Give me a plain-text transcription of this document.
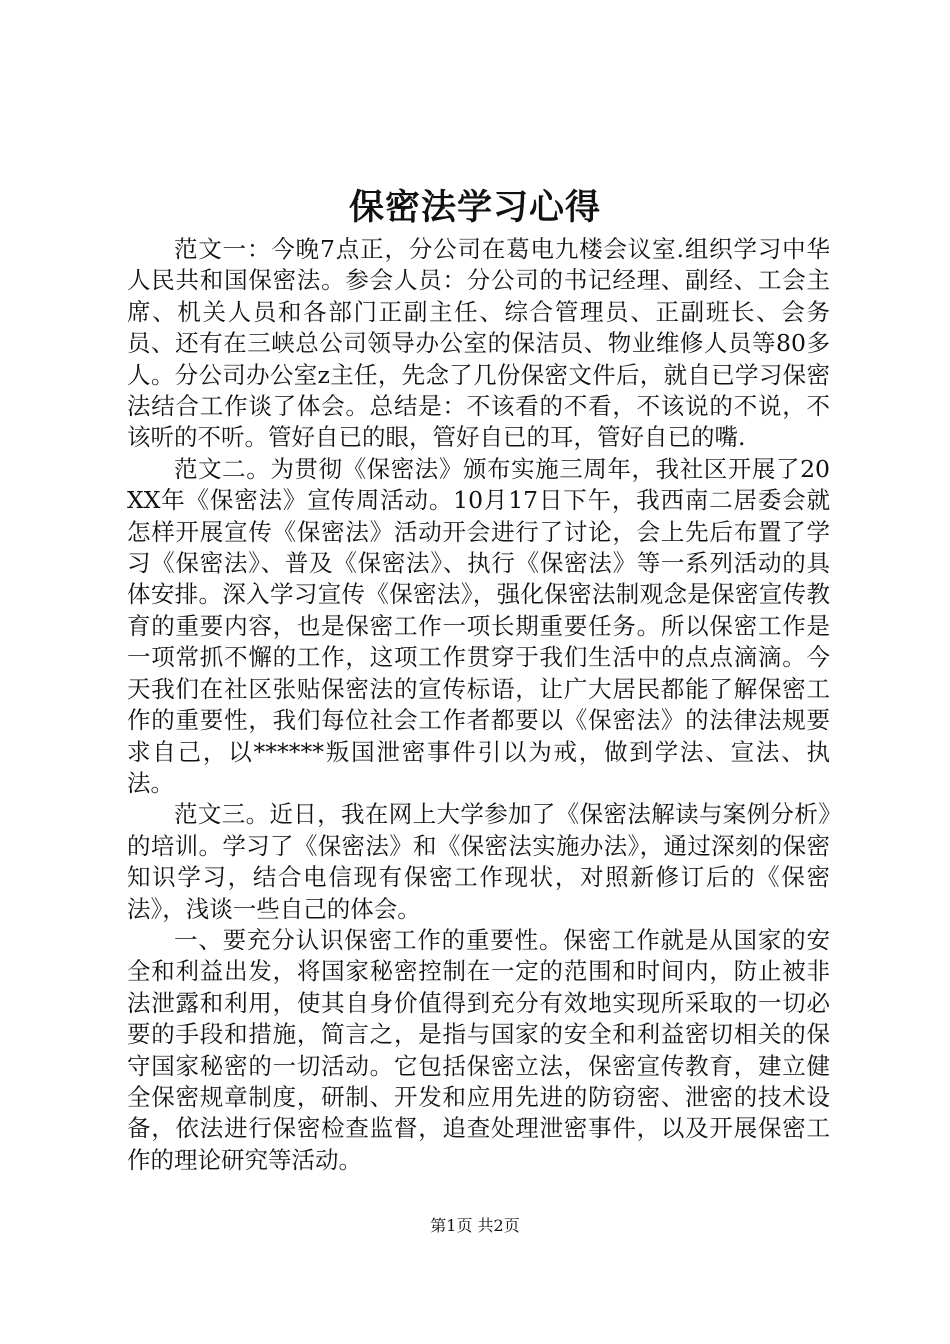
保密法学习心得

范文一：今晚7点正，分公司在葛电九楼会议室.组织学习中华人民共和国保密法。参会人员：分公司的书记经理、副经、工会主席、机关人员和各部门正副主任、综合管理员、正副班长、会务员、还有在三峡总公司领导办公室的保洁员、物业维修人员等80多人。分公司办公室z主任，先念了几份保密文件后，就自已学习保密法结合工作谈了体会。总结是：不该看的不看，不该说的不说，不该听的不听。管好自已的眼，管好自已的耳，管好自已的嘴.

范文二。为贯彻《保密法》颁布实施三周年，我社区开展了20XX年《保密法》宣传周活动。10月17日下午，我西南二居委会就怎样开展宣传《保密法》活动开会进行了讨论，会上先后布置了学习《保密法》、普及《保密法》、执行《保密法》等一系列活动的具体安排。深入学习宣传《保密法》，强化保密法制观念是保密宣传教育的重要内容，也是保密工作一项长期重要任务。所以保密工作是一项常抓不懈的工作，这项工作贯穿于我们生活中的点点滴滴。今天我们在社区张贴保密法的宣传标语，让广大居民都能了解保密工作的重要性，我们每位社会工作者都要以《保密法》的法律法规要求自己，以******叛国泄密事件引以为戒，做到学法、宣法、执法。

范文三。近日，我在网上大学参加了《保密法解读与案例分析》的培训。学习了《保密法》和《保密法实施办法》，通过深刻的保密知识学习，结合电信现有保密工作现状，对照新修订后的《保密法》，浅谈一些自己的体会。

一、要充分认识保密工作的重要性。保密工作就是从国家的安全和利益出发，将国家秘密控制在一定的范围和时间内，防止被非法泄露和利用，使其自身价值得到充分有效地实现所采取的一切必要的手段和措施，简言之，是指与国家的安全和利益密切相关的保守国家秘密的一切活动。它包括保密立法，保密宣传教育，建立健全保密规章制度，研制、开发和应用先进的防窃密、泄密的技术设备，依法进行保密检查监督，追查处理泄密事件，以及开展保密工作的理论研究等活动。

第1页 共2页
